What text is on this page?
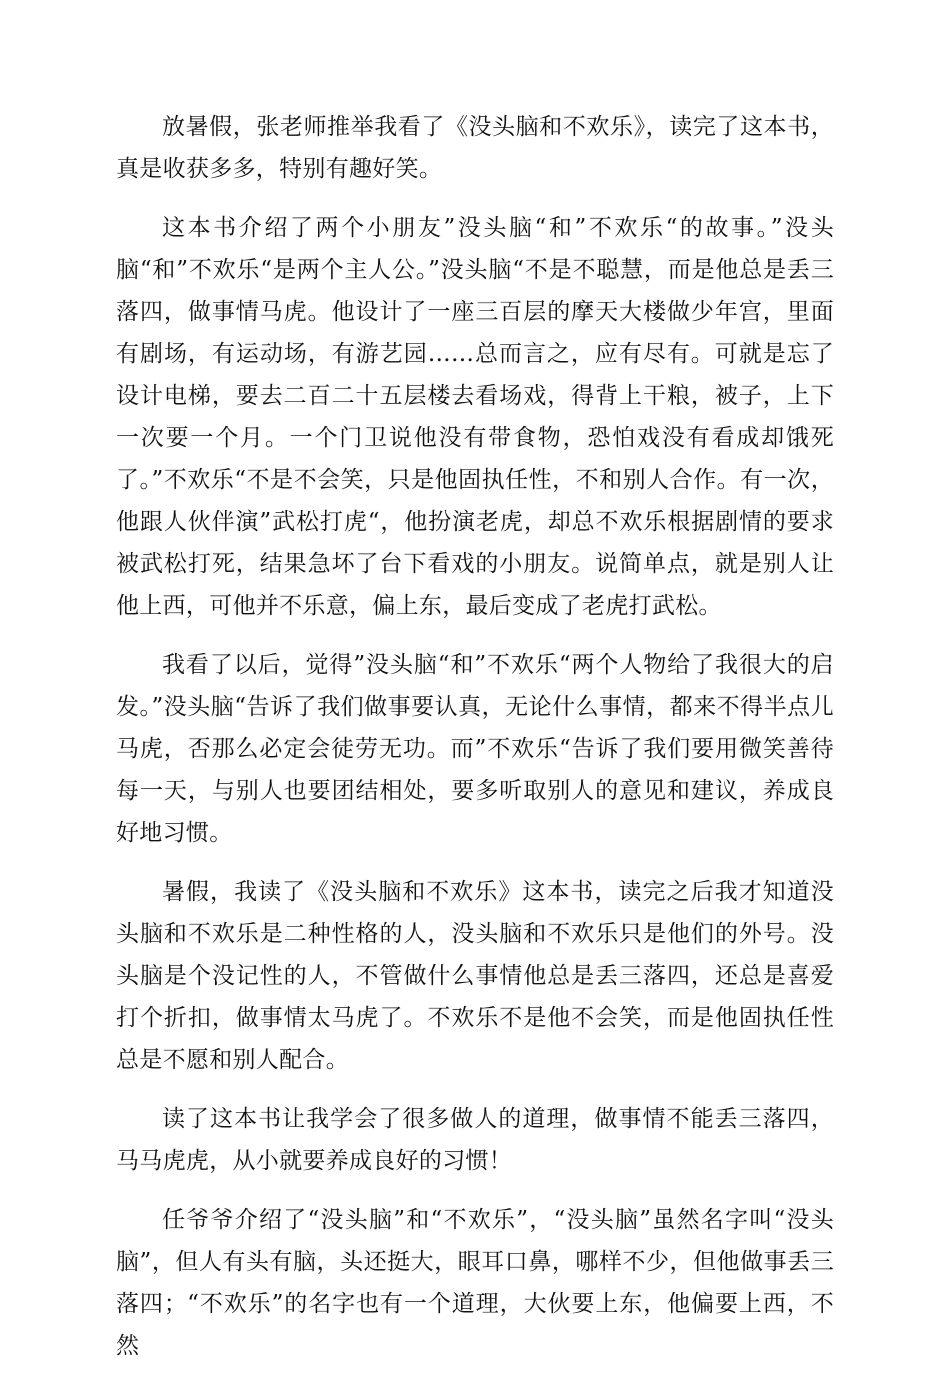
放暑假，张老师推举我看了《没头脑和不欢乐》，读完了这本书，真是收获多多，特别有趣好笑。

这本书介绍了两个小朋友”没头脑“和”不欢乐“的故事。”没头脑“和”不欢乐“是两个主人公。”没头脑“不是不聪慧，而是他总是丢三落四，做事情马虎。他设计了一座三百层的摩天大楼做少年宫，里面有剧场，有运动场，有游艺园……总而言之，应有尽有。可就是忘了设计电梯，要去二百二十五层楼去看场戏，得背上干粮，被子，上下一次要一个月。一个门卫说他没有带食物，恐怕戏没有看成却饿死了。”不欢乐“不是不会笑，只是他固执任性，不和别人合作。有一次，他跟人伙伴演”武松打虎“，他扮演老虎，却总不欢乐根据剧情的要求被武松打死，结果急坏了台下看戏的小朋友。说简单点，就是别人让他上西，可他并不乐意，偏上东，最后变成了老虎打武松。

我看了以后，觉得”没头脑“和”不欢乐“两个人物给了我很大的启发。”没头脑“告诉了我们做事要认真，无论什么事情，都来不得半点儿马虎，否那么必定会徒劳无功。而”不欢乐“告诉了我们要用微笑善待每一天，与别人也要团结相处，要多听取别人的意见和建议，养成良好地习惯。

暑假，我读了《没头脑和不欢乐》这本书，读完之后我才知道没头脑和不欢乐是二种性格的人，没头脑和不欢乐只是他们的外号。没头脑是个没记性的人，不管做什么事情他总是丢三落四，还总是喜爱打个折扣，做事情太马虎了。不欢乐不是他不会笑，而是他固执任性总是不愿和别人配合。

读了这本书让我学会了很多做人的道理，做事情不能丢三落四，马马虎虎，从小就要养成良好的习惯！

任爷爷介绍了“没头脑”和“不欢乐”，“没头脑”虽然名字叫“没头脑”，但人有头有脑，头还挺大，眼耳口鼻，哪样不少，但他做事丢三落四；“不欢乐”的名字也有一个道理，大伙要上东，他偏要上西，不然
